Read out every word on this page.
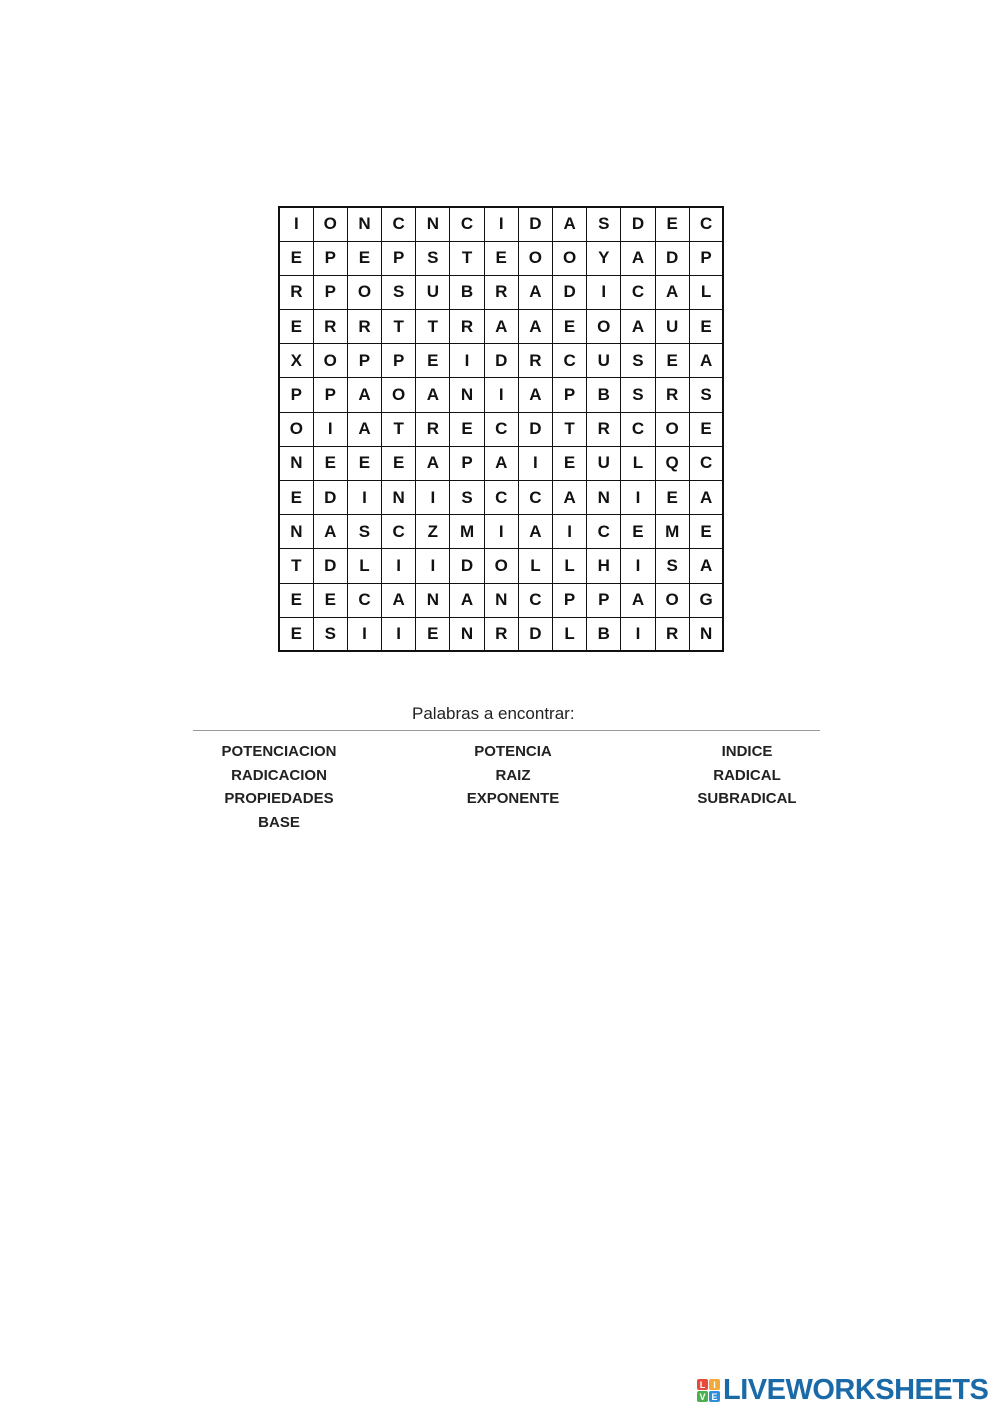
I	O	N	C	N	C	I	D	A	S	D	E	C
E	P	E	P	S	T	E	O	O	Y	A	D	P
R	P	O	S	U	B	R	A	D	I	C	A	L
E	R	R	T	T	R	A	A	E	O	A	U	E
X	O	P	P	E	I	D	R	C	U	S	E	A
P	P	A	O	A	N	I	A	P	B	S	R	S
O	I	A	T	R	E	C	D	T	R	C	O	E
N	E	E	E	A	P	A	I	E	U	L	Q	C
E	D	I	N	I	S	C	C	A	N	I	E	A
N	A	S	C	Z	M	I	A	I	C	E	M	E
T	D	L	I	I	D	O	L	L	H	I	S	A
E	E	C	A	N	A	N	C	P	P	A	O	G
E	S	I	I	E	N	R	D	L	B	I	R	N
Palabras a encontrar:
POTENCIACION
RADICACION
PROPIEDADES
BASE
POTENCIA
RAIZ
EXPONENTE
INDICE
RADICAL
SUBRADICAL
L I
V E LIVEWORKSHEETS
